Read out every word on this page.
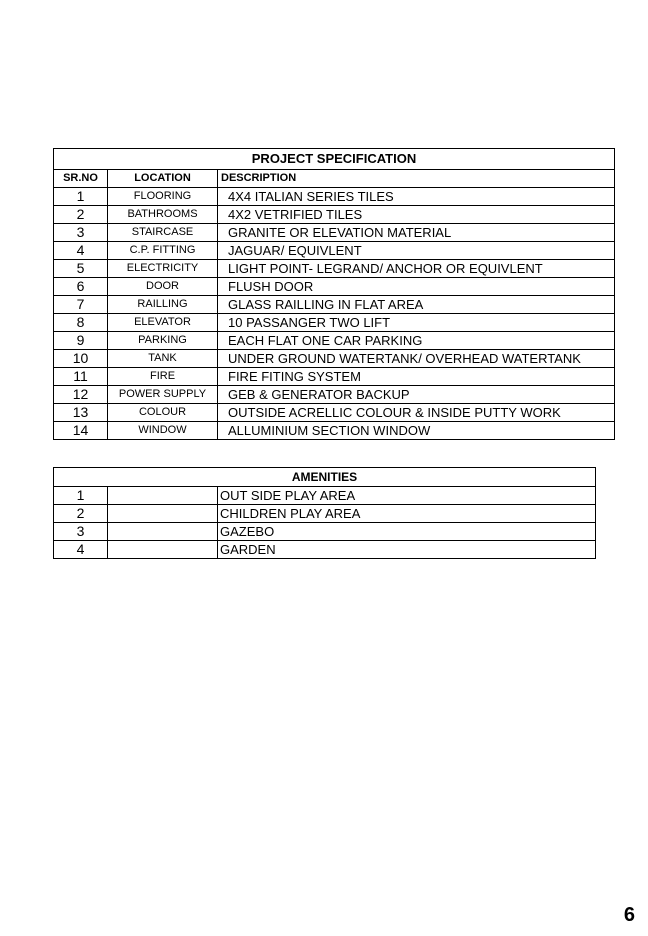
PROJECT SPECIFICATION		
SR.NO	LOCATION	DESCRIPTION
1	FLOORING	4X4 ITALIAN SERIES TILES
2	BATHROOMS	4X2 VETRIFIED TILES
3	STAIRCASE	GRANITE OR ELEVATION MATERIAL
4	C.P. FITTING	JAGUAR/ EQUIVLENT
5	ELECTRICITY	LIGHT POINT- LEGRAND/ ANCHOR OR EQUIVLENT
6	DOOR	FLUSH DOOR
7	RAILLING	GLASS RAILLING IN FLAT AREA
8	ELEVATOR	10 PASSANGER TWO LIFT
9	PARKING	EACH FLAT ONE CAR PARKING
10	TANK	UNDER GROUND WATERTANK/ OVERHEAD WATERTANK
11	FIRE	FIRE FITING SYSTEM
12	POWER SUPPLY	GEB & GENERATOR BACKUP
13	COLOUR	OUTSIDE ACRELLIC COLOUR & INSIDE PUTTY WORK
14	WINDOW	ALLUMINIUM SECTION WINDOW
AMENITIES		
1		OUT SIDE PLAY AREA
2		CHILDREN PLAY AREA
3		GAZEBO
4		GARDEN
6
